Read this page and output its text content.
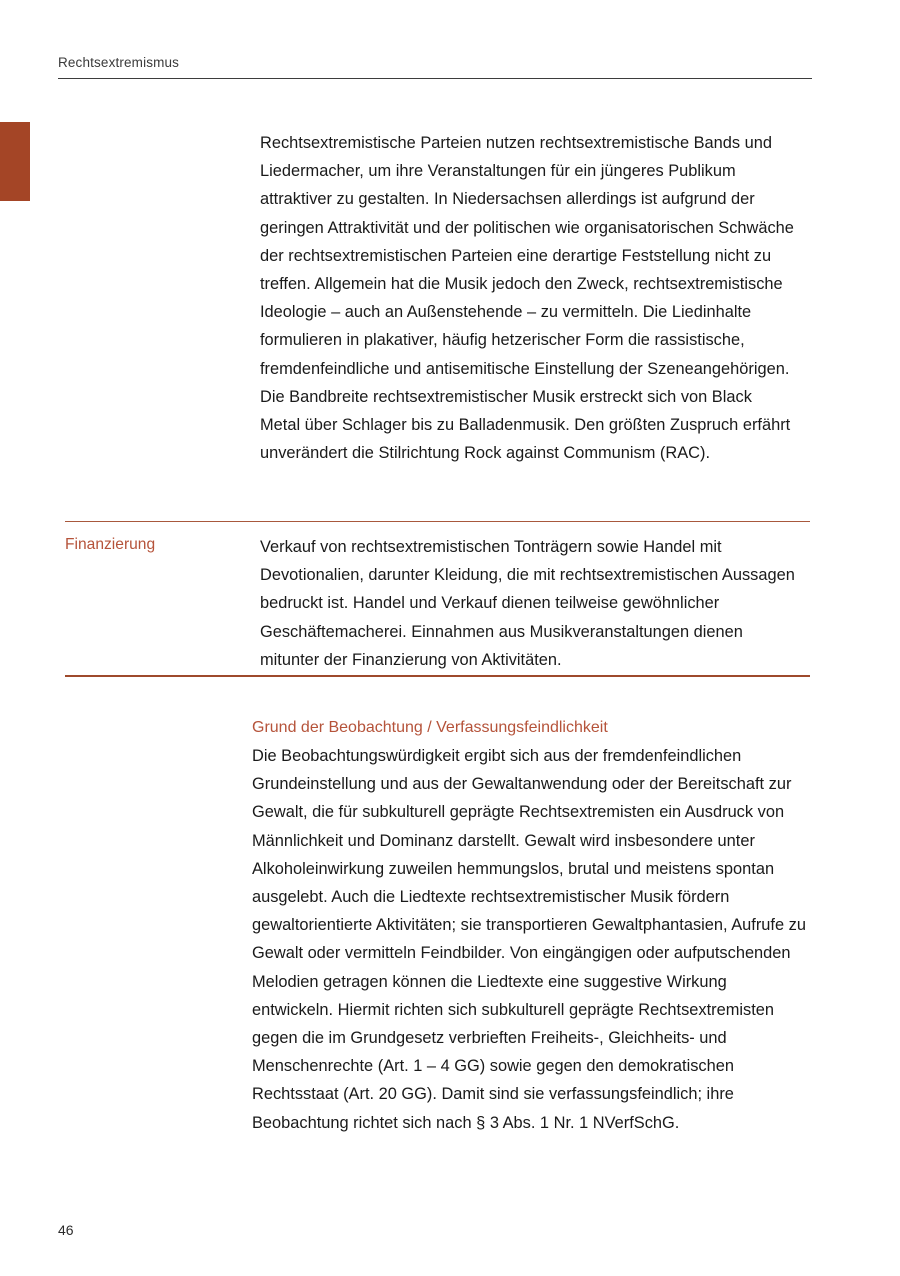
Rechtsextremismus
Rechtsextremistische Parteien nutzen rechtsextremistische Bands und Liedermacher, um ihre Veranstaltungen für ein jüngeres Publikum attraktiver zu gestalten. In Niedersachsen allerdings ist aufgrund der geringen Attraktivität und der politischen wie organisatorischen Schwäche der rechtsextremistischen Parteien eine derartige Feststellung nicht zu treffen. Allgemein hat die Musik jedoch den Zweck, rechtsextremistische Ideologie – auch an Außenstehende – zu vermitteln. Die Liedinhalte formulieren in plakativer, häufig hetzerischer Form die rassistische, fremdenfeindliche und antisemitische Einstellung der Szeneangehörigen. Die Bandbreite rechtsextremistischer Musik erstreckt sich von Black Metal über Schlager bis zu Balladenmusik. Den größten Zuspruch erfährt unverändert die Stilrichtung Rock against Communism (RAC).
Finanzierung	Verkauf von rechtsextremistischen Tonträgern sowie Handel mit Devotionalien, darunter Kleidung, die mit rechtsextremistischen Aussagen bedruckt ist. Handel und Verkauf dienen teilweise gewöhnlicher Geschäftemacherei. Einnahmen aus Musikveranstaltungen dienen mitunter der Finanzierung von Aktivitäten.
Grund der Beobachtung / Verfassungsfeindlichkeit

Die Beobachtungswürdigkeit ergibt sich aus der fremdenfeindlichen Grundeinstellung und aus der Gewaltanwendung oder der Bereitschaft zur Gewalt, die für subkulturell geprägte Rechtsextremisten ein Ausdruck von Männlichkeit und Dominanz darstellt. Gewalt wird insbesondere unter Alkoholeinwirkung zuweilen hemmungslos, brutal und meistens spontan ausgelebt. Auch die Liedtexte rechtsextremistischer Musik fördern gewaltorientierte Aktivitäten; sie transportieren Gewaltphantasien, Aufrufe zu Gewalt oder vermitteln Feindbilder. Von eingängigen oder aufputschenden Melodien getragen können die Liedtexte eine suggestive Wirkung entwickeln. Hiermit richten sich subkulturell geprägte Rechtsextremisten gegen die im Grundgesetz verbrieften Freiheits-, Gleichheits- und Menschenrechte (Art. 1 – 4 GG) sowie gegen den demokratischen Rechtsstaat (Art. 20 GG). Damit sind sie verfassungsfeindlich; ihre Beobachtung richtet sich nach § 3 Abs. 1 Nr. 1 NVerfSchG.

46
